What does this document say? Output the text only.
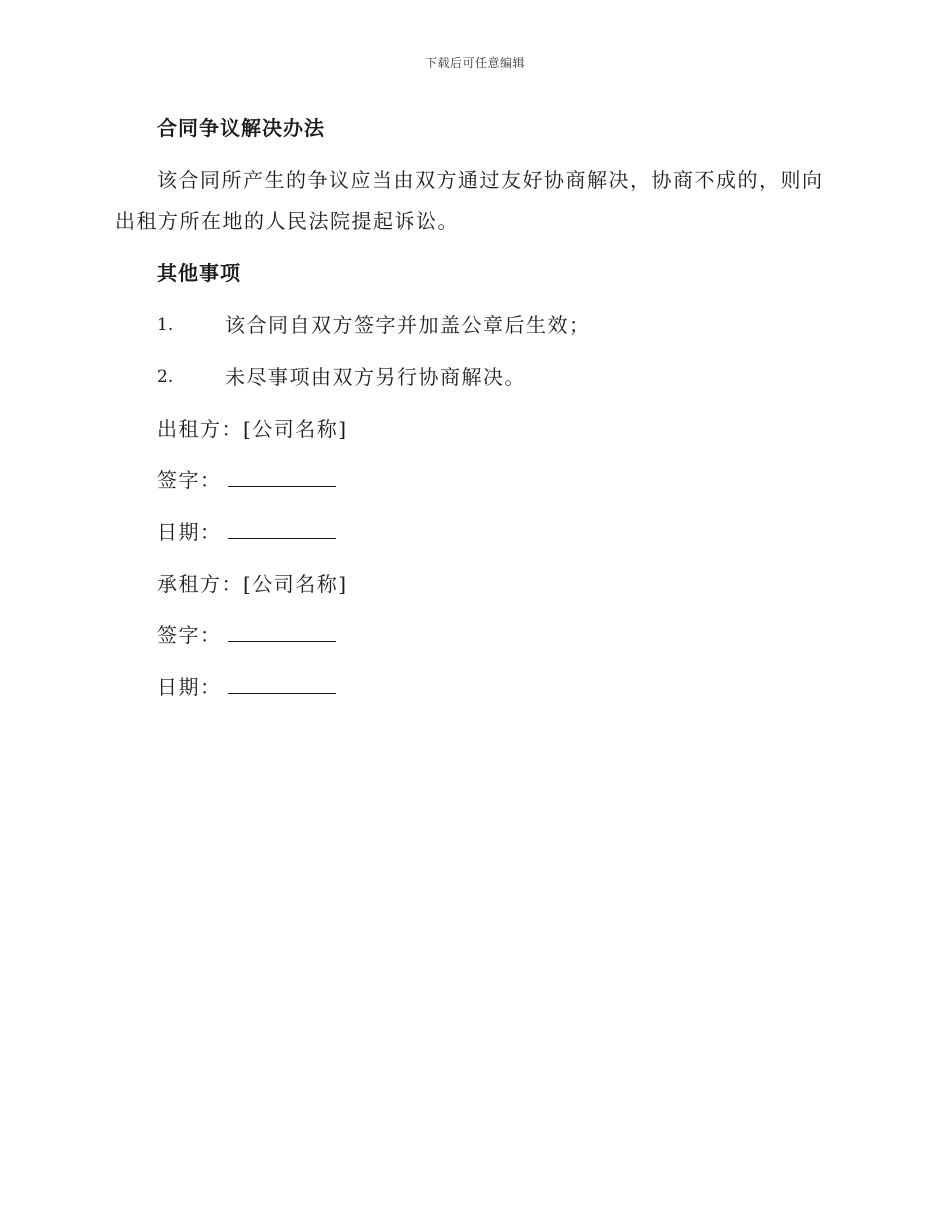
下载后可任意编辑
合同争议解决办法
该合同所产生的争议应当由双方通过友好协商解决，协商不成的，则向
出租方所在地的人民法院提起诉讼。
其他事项
1.	该合同自双方签字并加盖公章后生效；
2.	未尽事项由双方另行协商解决。
出租方：[公司名称]
签字：
日期：
承租方：[公司名称]
签字：
日期：
